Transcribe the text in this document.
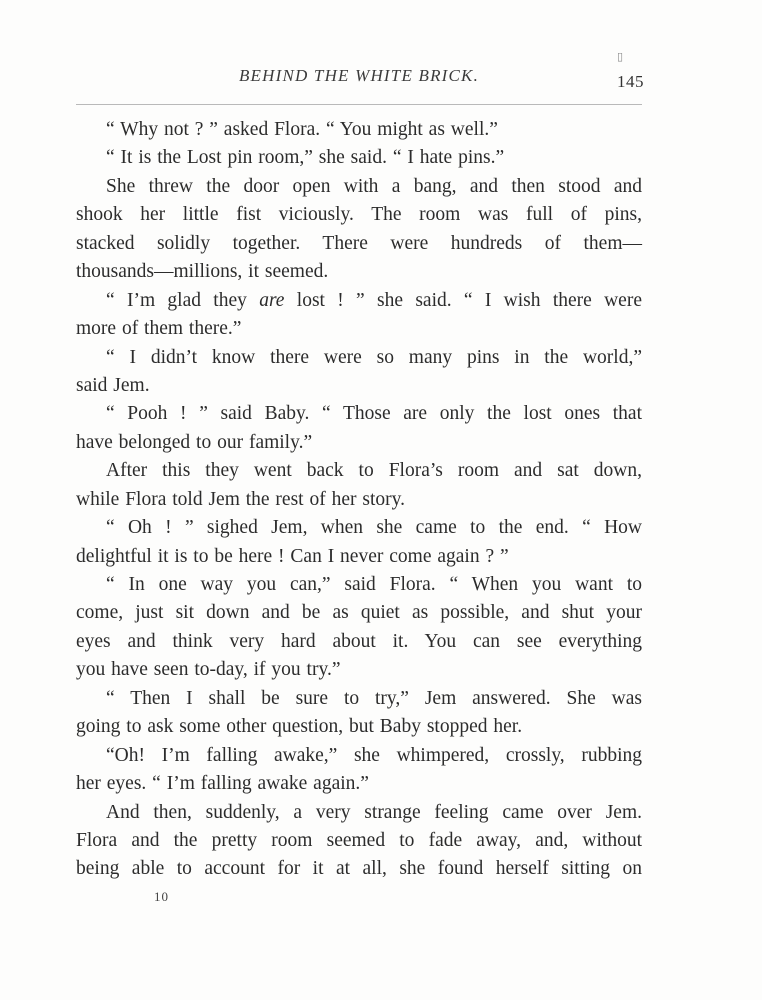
▯
BEHIND THE WHITE BRICK.	145
“ Why not ? ” asked Flora. “ You might as well.”
“ It is the Lost pin room,” she said. “ I hate pins.”
She threw the door open with a bang, and then stood and
shook her little fist viciously. The room was full of pins,
stacked solidly together. There were hundreds of them—
thousands—millions, it seemed.
“ I’m glad they are lost ! ” she said. “ I wish there were
more of them there.”
“ I didn’t know there were so many pins in the world,”
said Jem.
“ Pooh ! ” said Baby. “ Those are only the lost ones that
have belonged to our family.”
After this they went back to Flora’s room and sat down,
while Flora told Jem the rest of her story.
“ Oh ! ” sighed Jem, when she came to the end. “ How
delightful it is to be here ! Can I never come again ? ”
“ In one way you can,” said Flora. “ When you want to
come, just sit down and be as quiet as possible, and shut your
eyes and think very hard about it. You can see everything
you have seen to-day, if you try.”
“ Then I shall be sure to try,” Jem answered. She was
going to ask some other question, but Baby stopped her.
“Oh! I’m falling awake,” she whimpered, crossly, rubbing
her eyes. “ I’m falling awake again.”
And then, suddenly, a very strange feeling came over Jem.
Flora and the pretty room seemed to fade away, and, without
being able to account for it at all, she found herself sitting on
10
